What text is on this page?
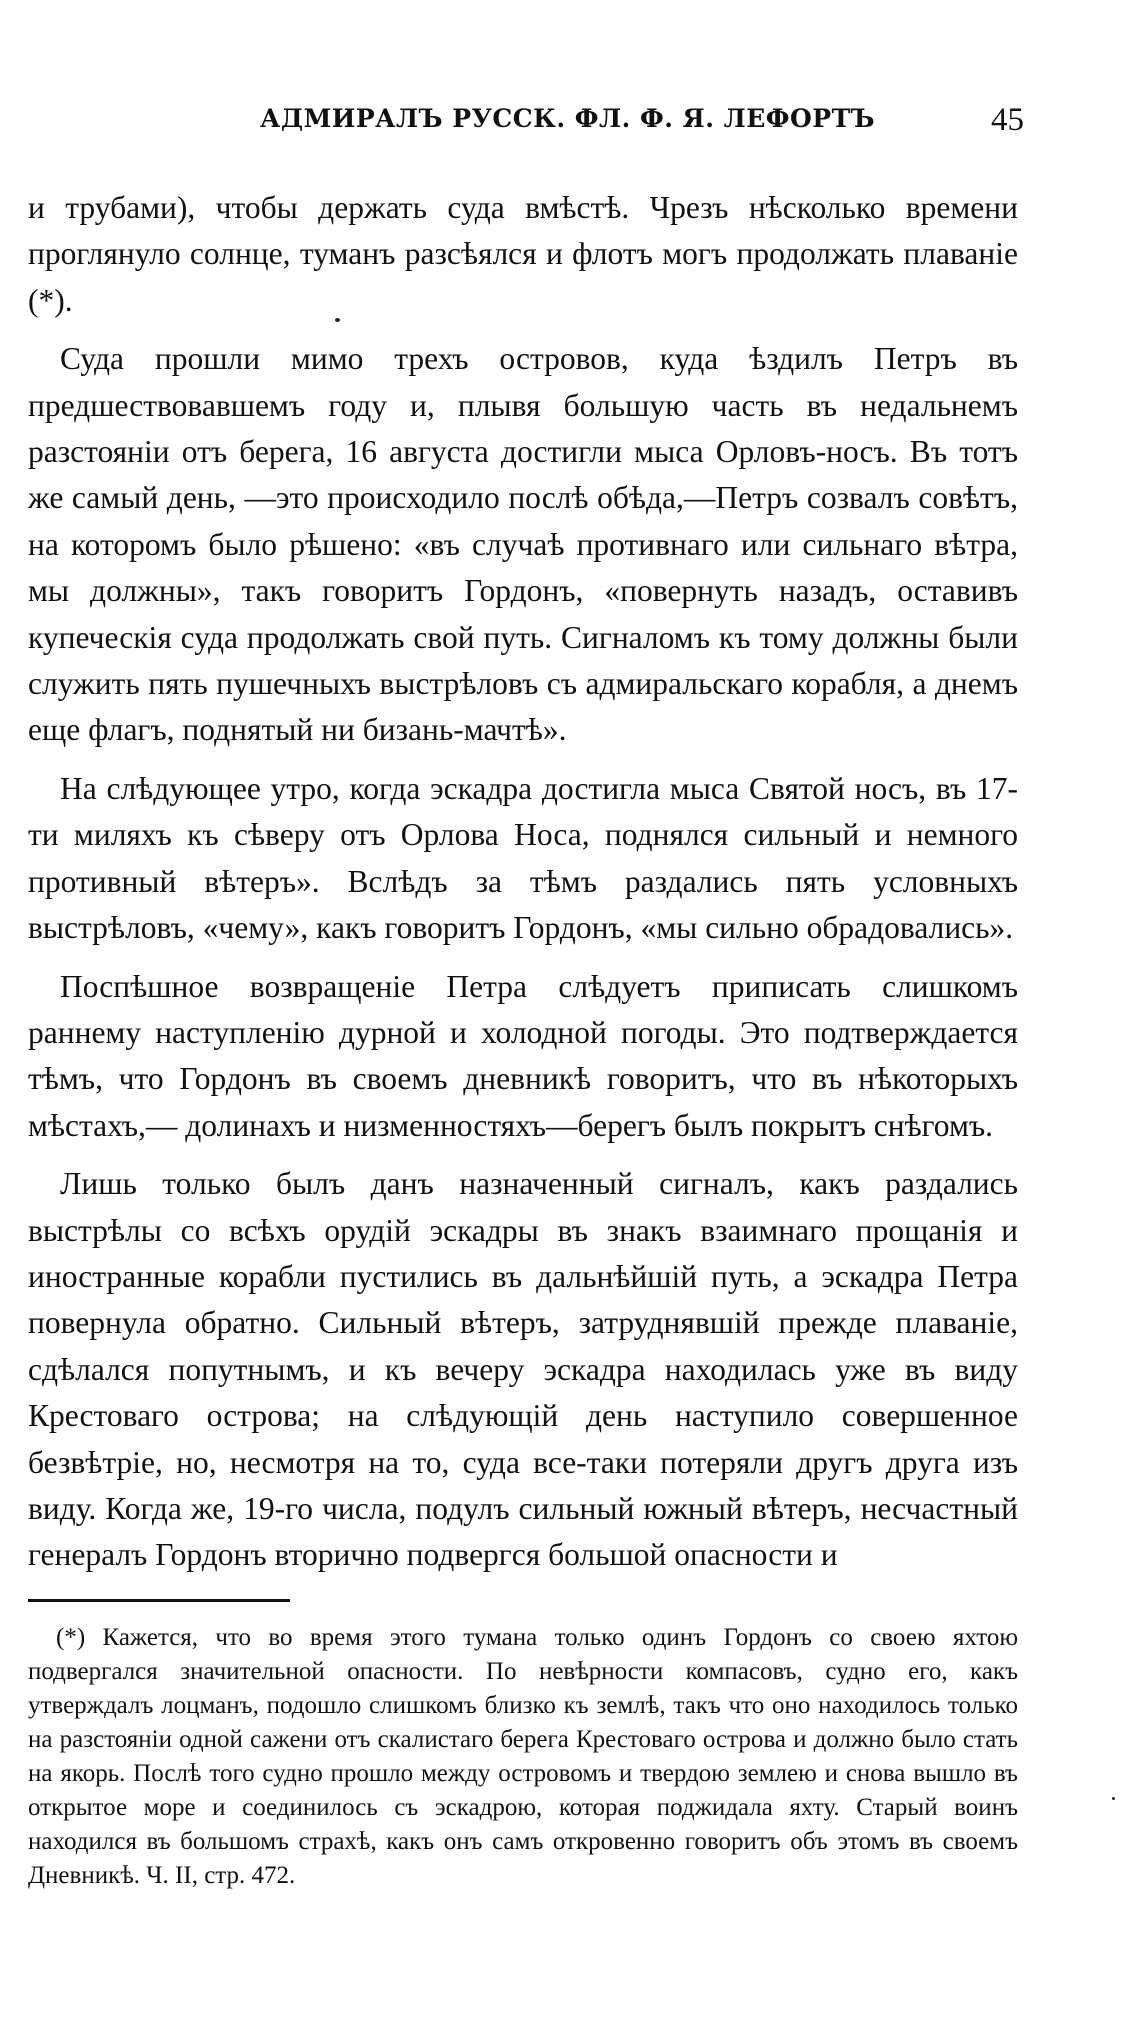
АДМИРАЛЪ РУССК. ФЛ. Ф. Я. ЛЕФОРТЪ	45

и трубами), чтобы держать суда вмѣстѣ. Чрезъ нѣсколько времени проглянуло солнце, туманъ разсѣялся и флотъ могъ продолжать плаваніе (*).

Суда прошли мимо трехъ островов, куда ѣздилъ Петръ въ предшествовавшемъ году и, плывя большую часть въ недальнемъ разстояніи отъ берега, 16 августа достигли мыса Орловъ-носъ. Въ тотъ же самый день, —это происходило послѣ обѣда,—Петръ созвалъ совѣтъ, на которомъ было рѣшено: «въ случаѣ противнаго или сильнаго вѣтра, мы должны», такъ говоритъ Гордонъ, «повернуть назадъ, оставивъ купеческія суда продолжать свой путь. Сигналомъ къ тому должны были служить пять пушечныхъ выстрѣловъ съ адмиральскаго корабля, а днемъ еще флагъ, поднятый ни бизань-мачтѣ».

На слѣдующее утро, когда эскадра достигла мыса Святой носъ, въ 17-ти миляхъ къ сѣверу отъ Орлова Носа, поднялся сильный и немного противный вѣтеръ». Вслѣдъ за тѣмъ раздались пять условныхъ выстрѣловъ, «чему», какъ говоритъ Гордонъ, «мы сильно обрадовались».

Поспѣшное возвращеніе Петра слѣдуетъ приписать слишкомъ раннему наступленію дурной и холодной погоды. Это подтверждается тѣмъ, что Гордонъ въ своемъ дневникѣ говоритъ, что въ нѣкоторыхъ мѣстахъ,— долинахъ и низменностяхъ—берегъ былъ покрытъ снѣгомъ.

Лишь только былъ данъ назначенный сигналъ, какъ раздались выстрѣлы со всѣхъ орудій эскадры въ знакъ взаимнаго прощанія и иностранные корабли пустились въ дальнѣйшій путь, а эскадра Петра повернула обратно. Сильный вѣтеръ, затруднявшій прежде плаваніе, сдѣлался попутнымъ, и къ вечеру эскадра находилась уже въ виду Крестоваго острова; на слѣдующій день наступило совершенное безвѣтріе, но, несмотря на то, суда все-таки потеряли другъ друга изъ виду. Когда же, 19-го числа, подулъ сильный южный вѣтеръ, несчастный генералъ Гордонъ вторично подвергся большой опасности и

(*) Кажется, что во время этого тумана только одинъ Гордонъ со своею яхтою подвергался значительной опасности. По невѣрности компасовъ, судно его, какъ утверждалъ лоцманъ, подошло слишкомъ близко къ землѣ, такъ что оно находилось только на разстояніи одной сажени отъ скалистаго берега Крестоваго острова и должно было стать на якорь. Послѣ того судно прошло между островомъ и твердою землею и снова вышло въ открытое море и соединилось съ эскадрою, которая поджидала яхту. Старый воинъ находился въ большомъ страхѣ, какъ онъ самъ откровенно говоритъ объ этомъ въ своемъ Дневникѣ. Ч. II, стр. 472.
